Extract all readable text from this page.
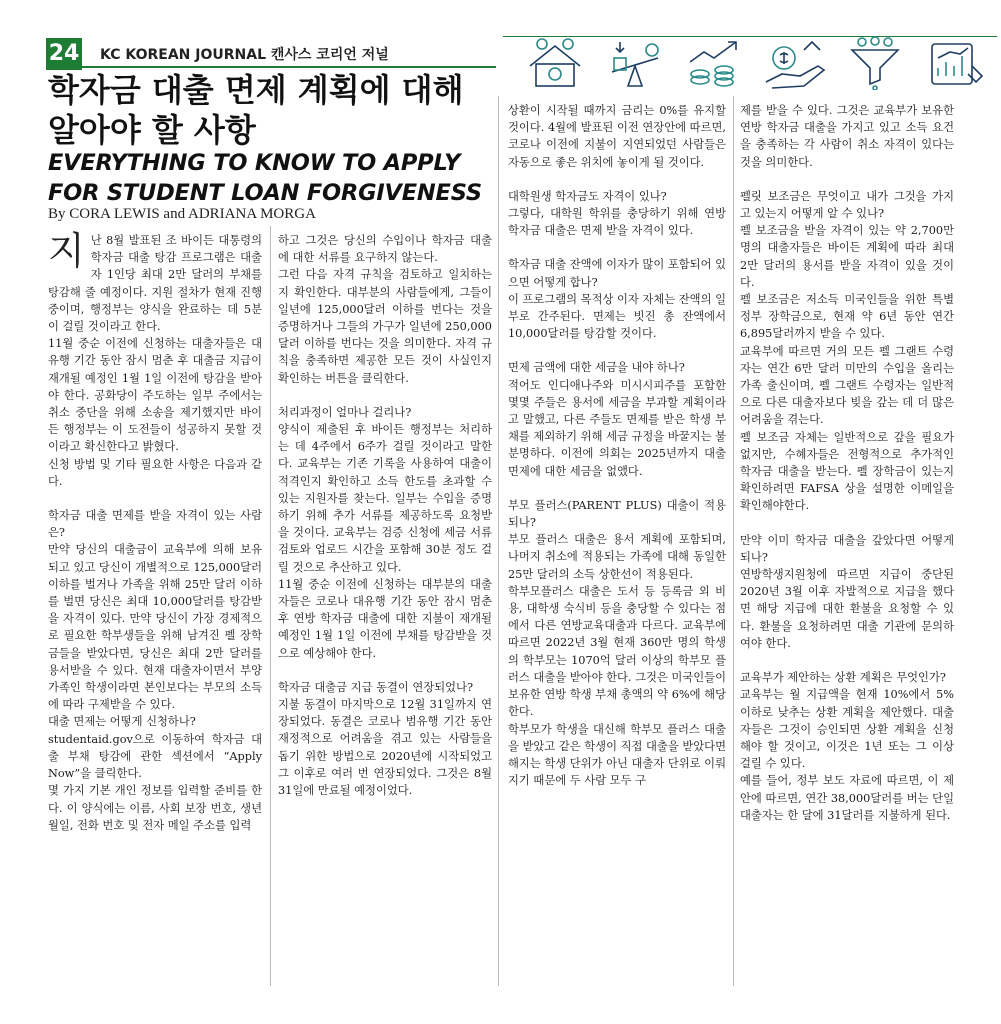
24 KC KOREAN JOURNAL 캔사스 코리언 저널
학자금 대출 면제 계획에 대해 알아야 할 사항
EVERYTHING TO KNOW TO APPLY FOR STUDENT LOAN FORGIVENESS
By CORA LEWIS and ADRIANA MORGA

지난 8월 발표된 조 바이든 대통령의 학자금 대출 탕감 프로그램은 대출자 1인당 최대 2만 달러의 부채를 탕감해 줄 예정이다. 지원 절차가 현재 진행 중이며, 행정부는 양식을 완료하는 데 5분이 걸릴 것이라고 한다.
11월 중순 이전에 신청하는 대출자들은 대유행 기간 동안 잠시 멈춘 후 대출금 지급이 재개될 예정인 1월 1일 이전에 탕감을 받아야 한다. 공화당이 주도하는 일부 주에서는 취소 중단을 위해 소송을 제기했지만 바이든 행정부는 이 도전들이 성공하지 못할 것이라고 확신한다고 밝혔다.
신청 방법 및 기타 필요한 사항은 다음과 같다.

학자금 대출 면제를 받을 자격이 있는 사람은?
만약 당신의 대출금이 교육부에 의해 보유되고 있고 당신이 개별적으로 125,000달러 이하를 벌거나 가족을 위해 25만 달러 이하를 벌면 당신은 최대 10,000달러를 탕감받을 자격이 있다. 만약 당신이 가장 경제적으로 필요한 학부생들을 위해 남겨진 펠 장학금들을 받았다면, 당신은 최대 2만 달러를 용서받을 수 있다. 현재 대출자이면서 부양가족인 학생이라면 본인보다는 부모의 소득에 따라 구제받을 수 있다.
대출 면제는 어떻게 신청하나?
studentaid.gov으로 이동하여 학자금 대출 부채 탕감에 관한 섹션에서 “Apply Now”을 클릭한다.
몇 가지 기본 개인 정보를 입력할 준비를 한다. 이 양식에는 이름, 사회 보장 번호, 생년월일, 전화 번호 및 전자 메일 주소를 입력

하고 그것은 당신의 수입이나 학자금 대출에 대한 서류를 요구하지 않는다.
그런 다음 자격 규칙을 검토하고 일치하는지 확인한다. 대부분의 사람들에게, 그들이 일년에 125,000달러 이하를 번다는 것을 증명하거나 그들의 가구가 일년에 250,000달러 이하를 번다는 것을 의미한다. 자격 규칙을 충족하면 제공한 모든 것이 사실인지 확인하는 버튼을 클릭한다.

처리과정이 얼마나 걸리나?
양식이 제출된 후 바이든 행정부는 처리하는 데 4주에서 6주가 걸릴 것이라고 말한다. 교육부는 기존 기록을 사용하여 대출이 적격인지 확인하고 소득 한도를 초과할 수 있는 지원자를 찾는다. 일부는 수입을 증명하기 위해 추가 서류를 제공하도록 요청받을 것이다. 교육부는 검증 신청에 세금 서류 검토와 업로드 시간을 포함해 30분 정도 걸릴 것으로 추산하고 있다.
11월 중순 이전에 신청하는 대부분의 대출자들은 코로나 대유행 기간 동안 잠시 멈춘 후 연방 학자금 대출에 대한 지불이 재개될 예정인 1월 1일 이전에 부채를 탕감받을 것으로 예상해야 한다.

학자금 대출금 지급 동결이 연장되었나?
지불 동결이 마지막으로 12월 31일까지 연장되었다. 동결은 코로나 범유행 기간 동안 재정적으로 어려움을 겪고 있는 사람들을 돕기 위한 방법으로 2020년에 시작되었고 그 이후로 여러 번 연장되었다. 그것은 8월 31일에 만료될 예정이었다.

상환이 시작될 때까지 금리는 0%를 유지할 것이다. 4월에 발표된 이전 연장안에 따르면, 코로나 이전에 지불이 지연되었던 사람들은 자동으로 좋은 위치에 놓이게 될 것이다.

대학원생 학자금도 자격이 있나?
그렇다, 대학원 학위를 충당하기 위해 연방 학자금 대출은 면제 받을 자격이 있다.

학자금 대출 잔액에 이자가 많이 포함되어 있으면 어떻게 합나?
이 프로그램의 목적상 이자 자체는 잔액의 일부로 간주된다. 면제는 빗진 총 잔액에서 10,000달러를 탕감할 것이다.

면제 금액에 대한 세금을 내야 하나?
적어도 인디애나주와 미시시피주를 포함한 몇몇 주들은 용서에 세금을 부과할 계획이라고 말했고, 다른 주들도 면제를 받은 학생 부채를 제외하기 위해 세금 규정을 바꿀지는 불분명하다. 이전에 의회는 2025년까지 대출 면제에 대한 세금을 없앴다.

부모 플러스(PARENT PLUS) 대출이 적용되나?
부모 플러스 대출은 용서 계획에 포함되며, 나머지 취소에 적용되는 가족에 대해 동일한 25만 달러의 소득 상한선이 적용된다.
학부모플러스 대출은 도서 등 등록금 외 비용, 대학생 숙식비 등을 충당할 수 있다는 점에서 다른 연방교육대출과 다르다. 교육부에 따르면 2022년 3월 현재 360만 명의 학생의 학부모는 1070억 달러 이상의 학부모 플러스 대출을 받아야 한다. 그것은 미국인들이 보유한 연방 학생 부채 총액의 약 6%에 해당한다.
학부모가 학생을 대신해 학부모 플러스 대출을 받았고 같은 학생이 직접 대출을 받았다면 해지는 학생 단위가 아닌 대출자 단위로 이뤄지기 때문에 두 사람 모두 구

제를 받을 수 있다. 그것은 교육부가 보유한 연방 학자금 대출을 가지고 있고 소득 요건을 충족하는 각 사람이 취소 자격이 있다는 것을 의미한다.

펠릿 보조금은 무엇이고 내가 그것을 가지고 있는지 어떻게 알 수 있나?
펠 보조금을 받을 자격이 있는 약 2,700만 명의 대출자들은 바이든 계획에 따라 최대 2만 달러의 용서를 받을 자격이 있을 것이다.
펠 보조금은 저소득 미국인들을 위한 특별 정부 장학금으로, 현재 약 6년 동안 연간 6,895달러까지 받을 수 있다.
교육부에 따르면 거의 모든 펠 그랜트 수령자는 연간 6만 달러 미만의 수입을 올리는 가족 출신이며, 펠 그랜트 수령자는 일반적으로 다른 대출자보다 빚을 갚는 데 더 많은 어려움을 겪는다.
펠 보조금 자체는 일반적으로 갚을 필요가 없지만, 수혜자들은 전형적으로 추가적인 학자금 대출을 받는다. 펠 장학금이 있는지 확인하려면 FAFSA 상을 설명한 이메일을 확인해야한다.

만약 이미 학자금 대출을 갚았다면 어떻게 되나?
연방학생지원청에 따르면 지급이 중단된 2020년 3월 이후 자발적으로 지급을 했다면 해당 지급에 대한 환불을 요청할 수 있다. 환불을 요청하려면 대출 기관에 문의하여야 한다.

교육부가 제안하는 상환 계획은 무엇인가?
교육부는 월 지급액을 현재 10%에서 5% 이하로 낮추는 상환 계획을 제안했다. 대출자들은 그것이 승인되면 상환 계획을 신청해야 할 것이고, 이것은 1년 또는 그 이상 걸릴 수 있다.
예를 들어, 정부 보도 자료에 따르면, 이 제안에 따르면, 연간 38,000달러를 버는 단일 대출자는 한 달에 31달러를 지불하게 된다.
